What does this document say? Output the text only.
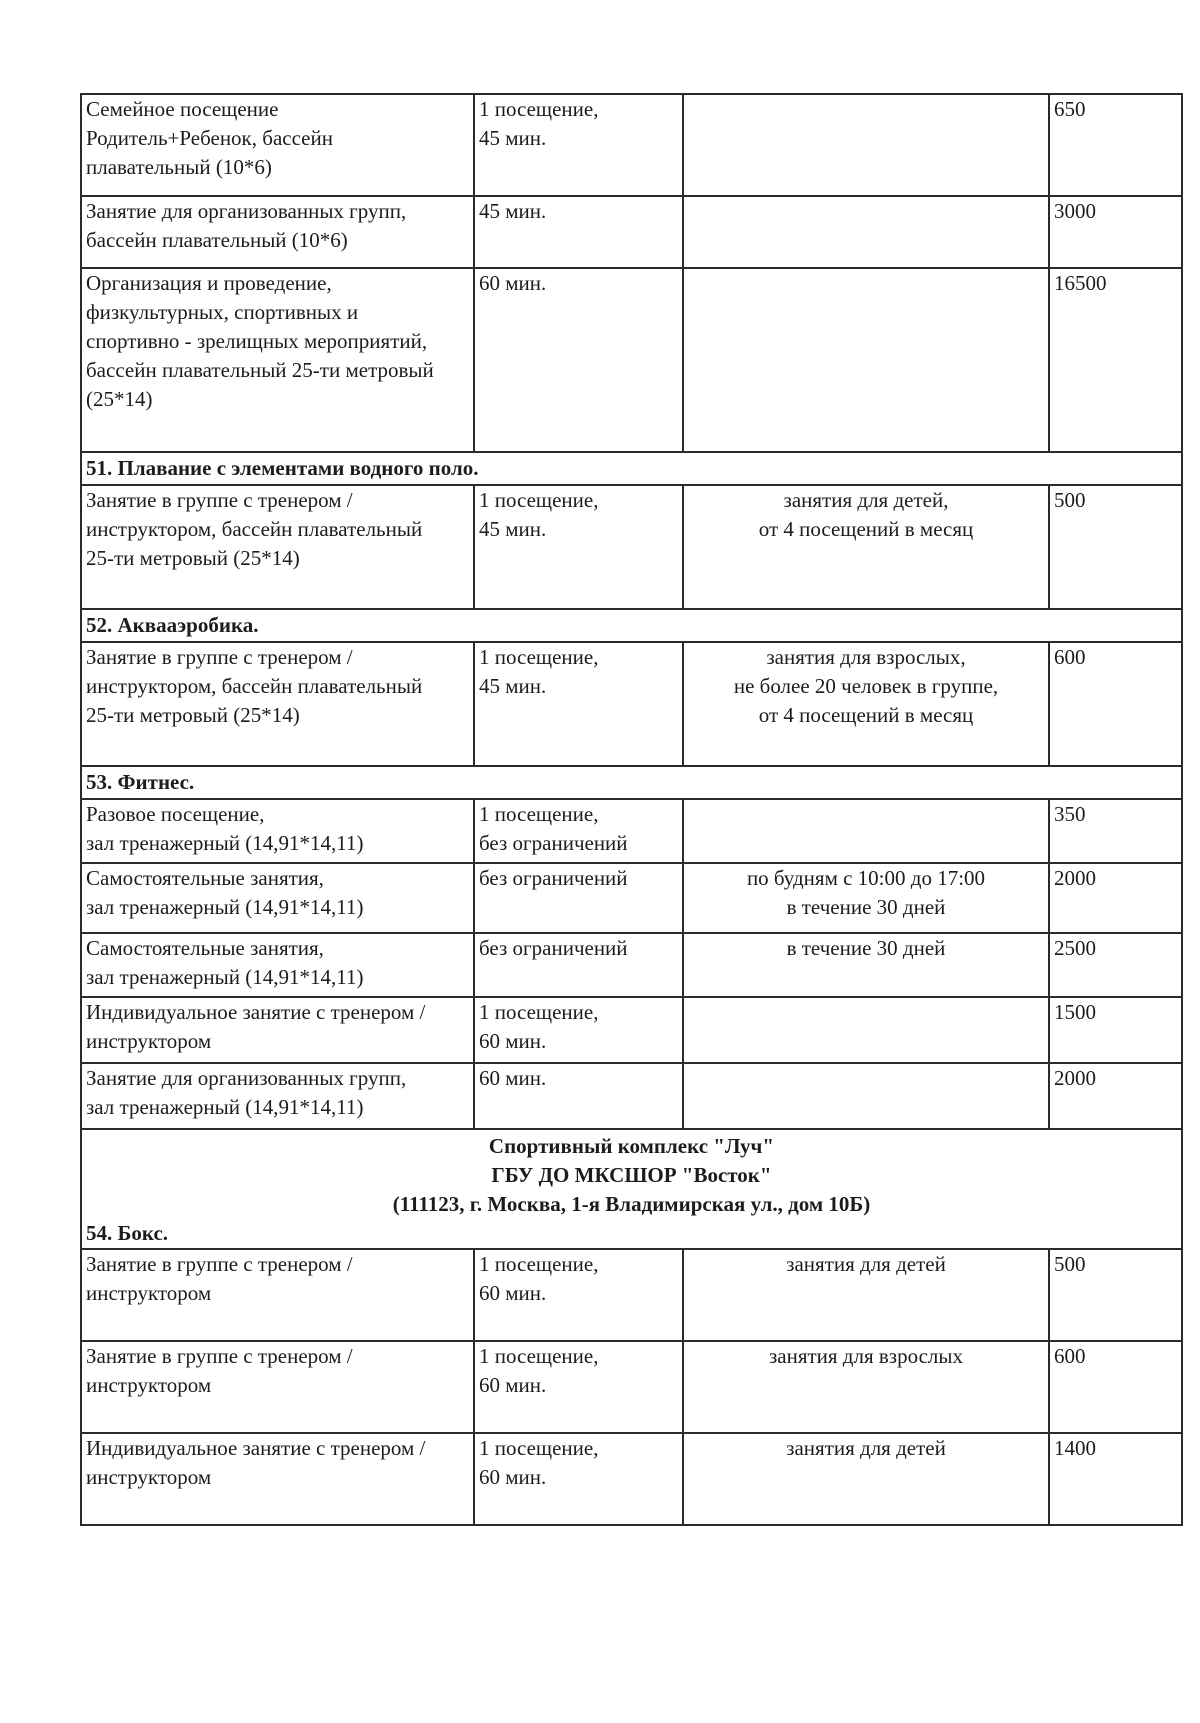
Семейное посещение
Родитель+Ребенок, бассейн
плавательный (10*6)	1 посещение,
45 мин.		650

Занятие для организованных групп,
бассейн плавательный (10*6)	45 мин.		3000

Организация и проведение,
физкультурных, спортивных и
спортивно - зрелищных мероприятий,
бассейн плавательный 25-ти метровый
(25*14)	60 мин.		16500
51. Плавание с элементами водного поло.			

Занятие в группе с тренером /
инструктором, бассейн плавательный
25-ти метровый (25*14)	1 посещение,
45 мин.	занятия для детей,
от 4 посещений в месяц	500
52. Аквааэробика.			

Занятие в группе с тренером /
инструктором, бассейн плавательный
25-ти метровый (25*14)	1 посещение,
45 мин.	занятия для взрослых,
не более 20 человек в группе,
от 4 посещений в месяц	600
53. Фитнес.			

Разовое посещение,
зал тренажерный (14,91*14,11)	1 посещение,
без ограничений		350

Самостоятельные занятия,
зал тренажерный (14,91*14,11)	без ограничений	по будням с 10:00 до 17:00
в течение 30 дней	2000

Самостоятельные занятия,
зал тренажерный (14,91*14,11)	без ограничений	в течение 30 дней	2500

Индивидуальное занятие с тренером /
инструктором	1 посещение,
60 мин.		1500

Занятие для организованных групп,
зал тренажерный (14,91*14,11)	60 мин.		2000

Спортивный комплекс "Луч"
ГБУ ДО МКСШОР "Восток"
(111123, г. Москва, 1-я Владимирская ул., дом 10Б)			

54. Бокс.			

Занятие в группе с тренером /
инструктором	1 посещение,
60 мин.	занятия для детей	500

Занятие в группе с тренером /
инструктором	1 посещение,
60 мин.	занятия для взрослых	600

Индивидуальное занятие с тренером /
инструктором	1 посещение,
60 мин.	занятия для детей	1400
